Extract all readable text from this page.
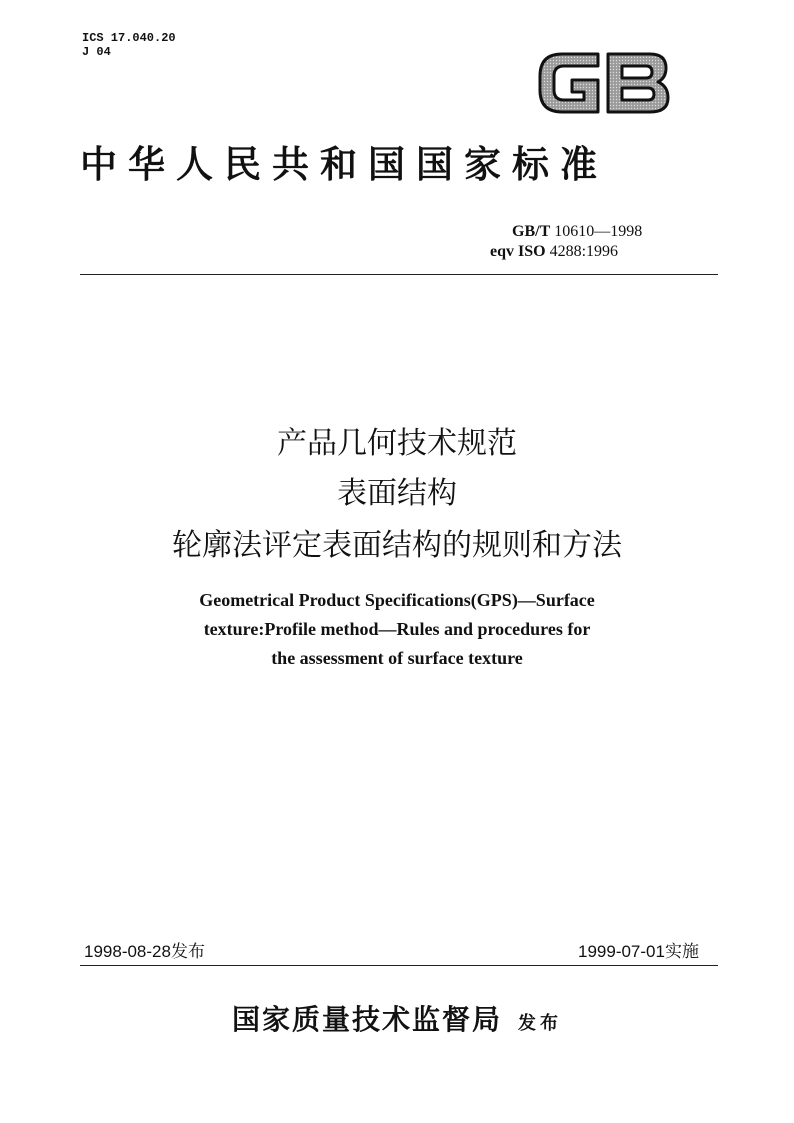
ICS 17.040.20
J 04
中华人民共和国国家标准
GB/T 10610—1998
eqv ISO 4288:1996
产品几何技术规范
表面结构
轮廓法评定表面结构的规则和方法
Geometrical Product Specifications(GPS)—Surface
texture:Profile method—Rules and procedures for
the assessment of surface texture
1998-08-28发布	1999-07-01实施
国家质量技术监督局 发布
